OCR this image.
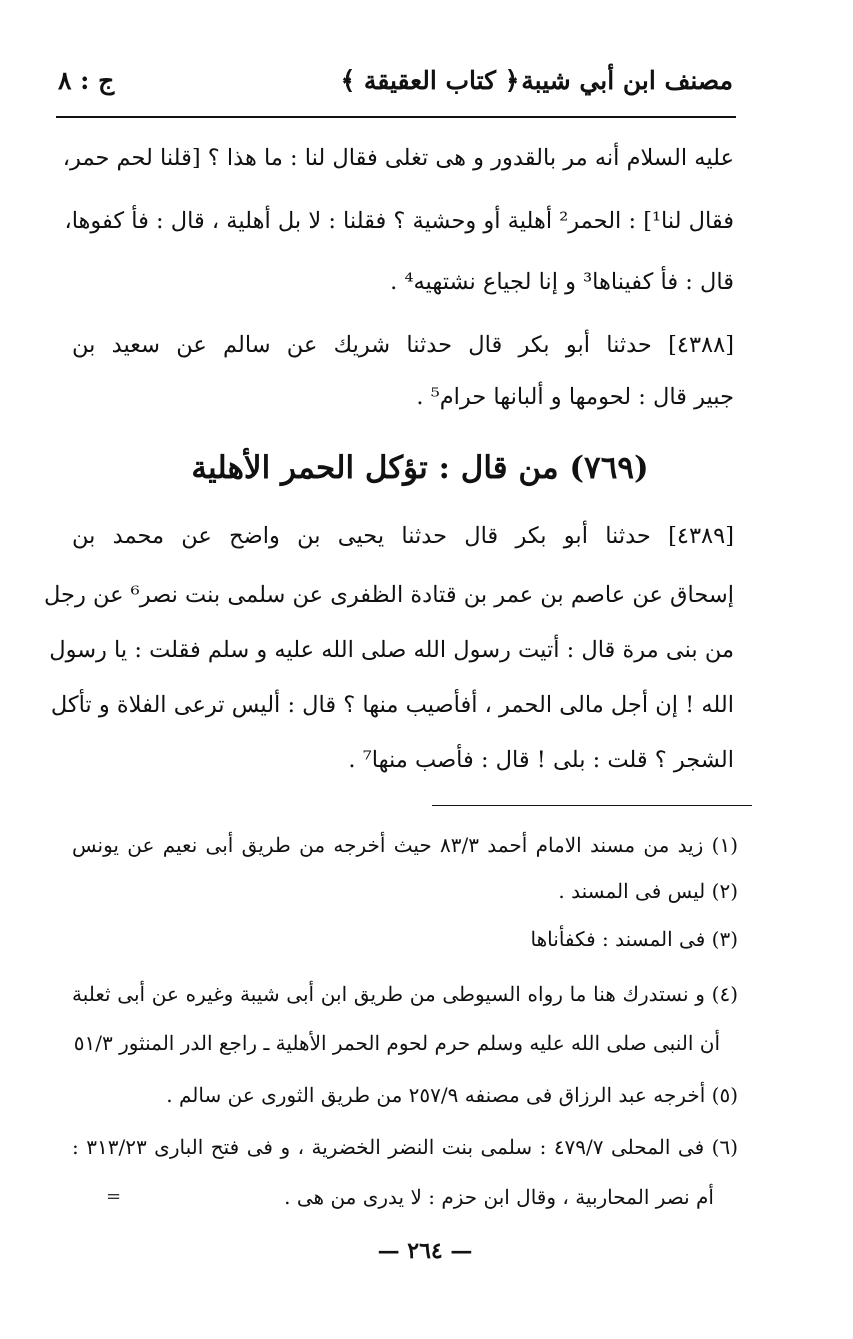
مصنف ابن أبي شيبة
﴿ كتاب العقيقة ﴾
ج : ٨
عليه السلام أنه مر بالقدور و هى تغلى فقال لنا : ما هذا ؟ [قلنا لحم حمر،
فقال لنا¹] : الحمر² أهلية أو وحشية ؟ فقلنا : لا بل أهلية ، قال : فأ كفوها،
قال : فأ كفيناها³ و إنا لجياع نشتهيه⁴ .
[٤٣٨٨] حدثنا أبو بكر قال حدثنا شريك عن سالم عن سعيد بن
جبير قال : لحومها و ألبانها حرام⁵ .
(٧٦٩) من قال : تؤكل الحمر الأهلية
[٤٣٨٩] حدثنا أبو بكر قال حدثنا يحيى بن واضح عن محمد بن
إسحاق عن عاصم بن عمر بن قتادة الظفرى عن سلمى بنت نصر⁶ عن رجل
من بنى مرة قال : أتيت رسول الله صلى الله عليه و سلم فقلت : يا رسول
الله ! إن أجل مالى الحمر ، أفأصيب منها ؟ قال : أليس ترعى الفلاة و تأكل
الشجر ؟ قلت : بلى ! قال : فأصب منها⁷ .
(١) زيد من مسند الامام أحمد ٨٣/٣ حيث أخرجه من طريق أبى نعيم عن يونس
(٢) ليس فى المسند .
(٣) فى المسند : فكفأناها
(٤) و نستدرك هنا ما رواه السيوطى من طريق ابن أبى شيبة وغيره عن أبى ثعلبة
أن النبى صلى الله عليه وسلم حرم لحوم الحمر الأهلية ـ راجع الدر المنثور ٥١/٣
(٥) أخرجه عبد الرزاق فى مصنفه ٢٥٧/٩ من طريق الثورى عن سالم .
(٦) فى المحلى ٤٧٩/٧ : سلمى بنت النضر الخضرية ، و فى فتح البارى ٣١٣/٢٣ :
أم نصر المحاربية ، وقال ابن حزم : لا يدرى من هى .
=
— ٢٦٤ —
